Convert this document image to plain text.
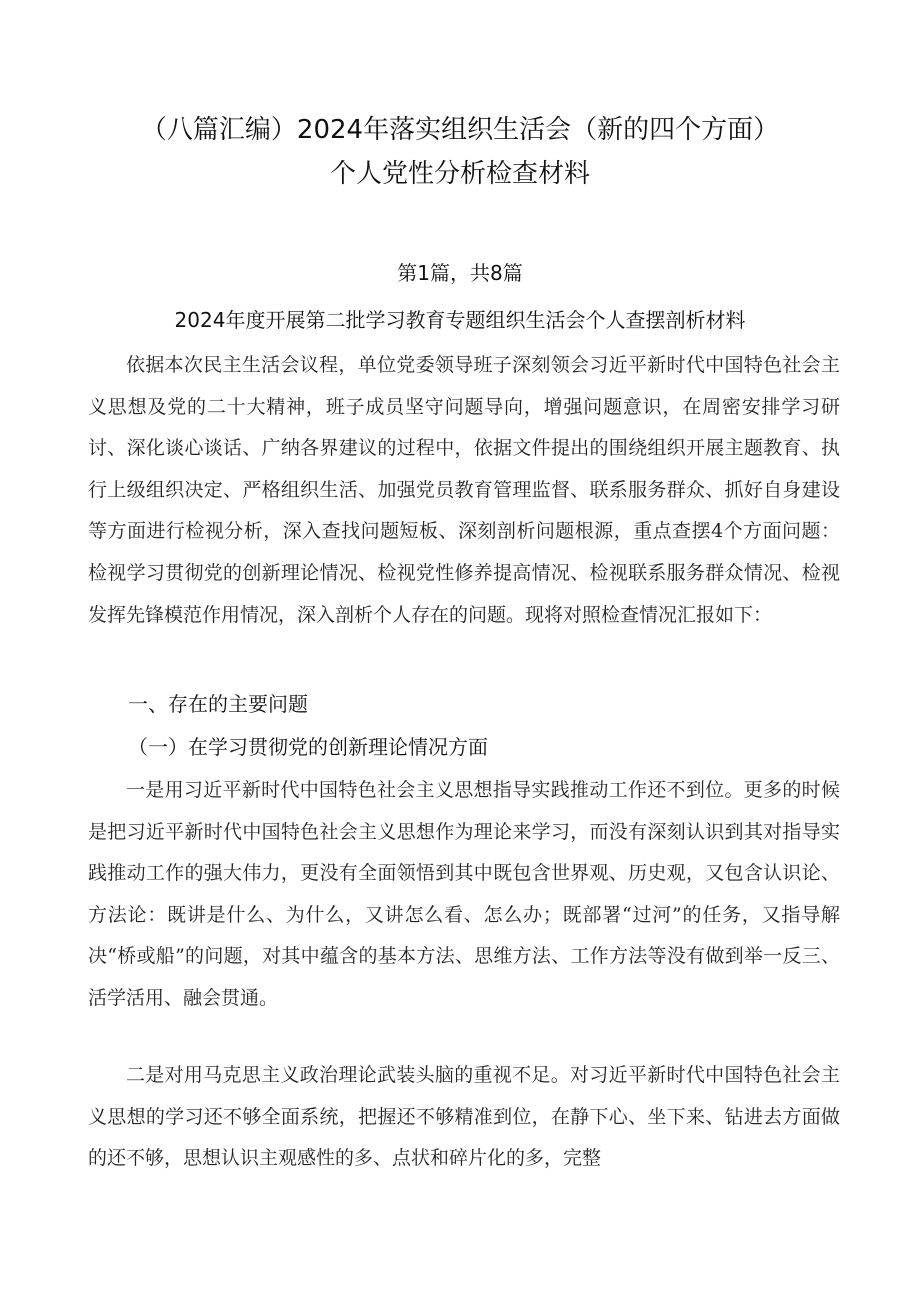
（八篇汇编）2024年落实组织生活会（新的四个方面）
个人党性分析检查材料
第1篇，共8篇
2024年度开展第二批学习教育专题组织生活会个人查摆剖析材料

依据本次民主生活会议程，单位党委领导班子深刻领会习近平新时代中国特色社会主义思想及党的二十大精神，班子成员坚守问题导向，增强问题意识，在周密安排学习研讨、深化谈心谈话、广纳各界建议的过程中，依据文件提出的围绕组织开展主题教育、执行上级组织决定、严格组织生活、加强党员教育管理监督、联系服务群众、抓好自身建设等方面进行检视分析，深入查找问题短板、深刻剖析问题根源，重点查摆4个方面问题：检视学习贯彻党的创新理论情况、检视党性修养提高情况、检视联系服务群众情况、检视发挥先锋模范作用情况，深入剖析个人存在的问题。现将对照检查情况汇报如下：

一、存在的主要问题
（一）在学习贯彻党的创新理论情况方面

一是用习近平新时代中国特色社会主义思想指导实践推动工作还不到位。更多的时候是把习近平新时代中国特色社会主义思想作为理论来学习，而没有深刻认识到其对指导实践推动工作的强大伟力，更没有全面领悟到其中既包含世界观、历史观，又包含认识论、方法论：既讲是什么、为什么，又讲怎么看、怎么办；既部署“过河”的任务，又指导解决“桥或船”的问题，对其中蕴含的基本方法、思维方法、工作方法等没有做到举一反三、活学活用、融会贯通。

二是对用马克思主义政治理论武装头脑的重视不足。对习近平新时代中国特色社会主义思想的学习还不够全面系统，把握还不够精准到位，在静下心、坐下来、钻进去方面做的还不够，思想认识主观感性的多、点状和碎片化的多，完整
